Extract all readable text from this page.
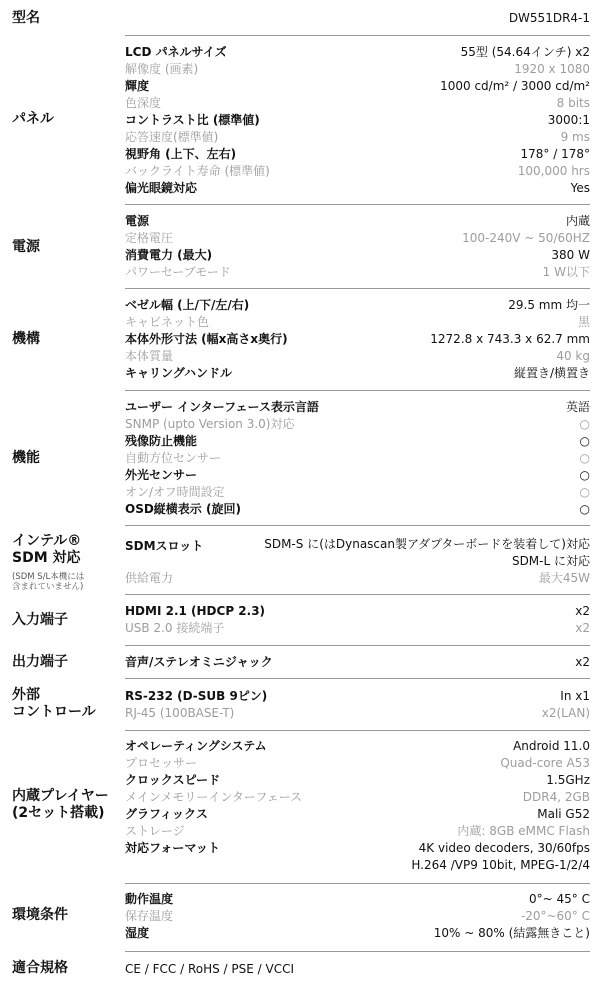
型名	DW551DR4-1
パネル
LCD パネルサイズ	55型 (54.64インチ) x2
解像度 (画素)	1920 x 1080
輝度	1000 cd/m² / 3000 cd/m²
色深度	8 bits
コントラスト比 (標準値)	3000:1
応答速度(標準値)	9 ms
視野角 (上下、左右)	178° / 178°
バックライト寿命 (標準値)	100,000 hrs
偏光眼鏡対応	Yes
電源
電源	内蔵
定格電圧	100-240V ~ 50/60HZ
消費電力 (最大)	380 W
パワーセーブモード	1 W以下
機構
ベゼル幅 (上/下/左/右)	29.5 mm 均一
キャビネット色	黒
本体外形寸法 (幅x高さx奥行)	1272.8 x 743.3 x 62.7 mm
本体質量	40 kg
キャリングハンドル	縦置き/横置き
機能
ユーザー インターフェース表示言語	英語
SNMP (upto Version 3.0)対応	○
残像防止機能	○
自動方位センサー	○
外光センサー	○
オン/オフ時間設定	○
OSD縦横表示 (旋回)	○
インテル®
SDM 対応
(SDM S/L本機には
含まれていません)
SDMスロット	SDM-S に(はDynascan製アダプターボードを装着して)対応
SDM-L に対応
供給電力	最大45W
入力端子
HDMI 2.1 (HDCP 2.3)	x2
USB 2.0 接続端子	x2
出力端子	音声/ステレオミニジャック	x2
外部
コントロール
RS-232 (D-SUB 9ピン)	In x1
RJ-45 (100BASE-T)	x2(LAN)
内蔵プレイヤー
(2セット搭載)
オペレーティングシステム	Android 11.0
プロセッサー	Quad-core A53
クロックスピード	1.5GHz
メインメモリーインターフェース	DDR4, 2GB
グラフィックス	Mali G52
ストレージ	内蔵: 8GB eMMC Flash
対応フォーマット	4K video decoders, 30/60fps
H.264 /VP9 10bit, MPEG-1/2/4
環境条件
動作温度	0°~ 45° C
保存温度	-20°~60° C
湿度	10% ~ 80% (結露無きこと)
適合規格	CE / FCC / RoHS / PSE / VCCI
